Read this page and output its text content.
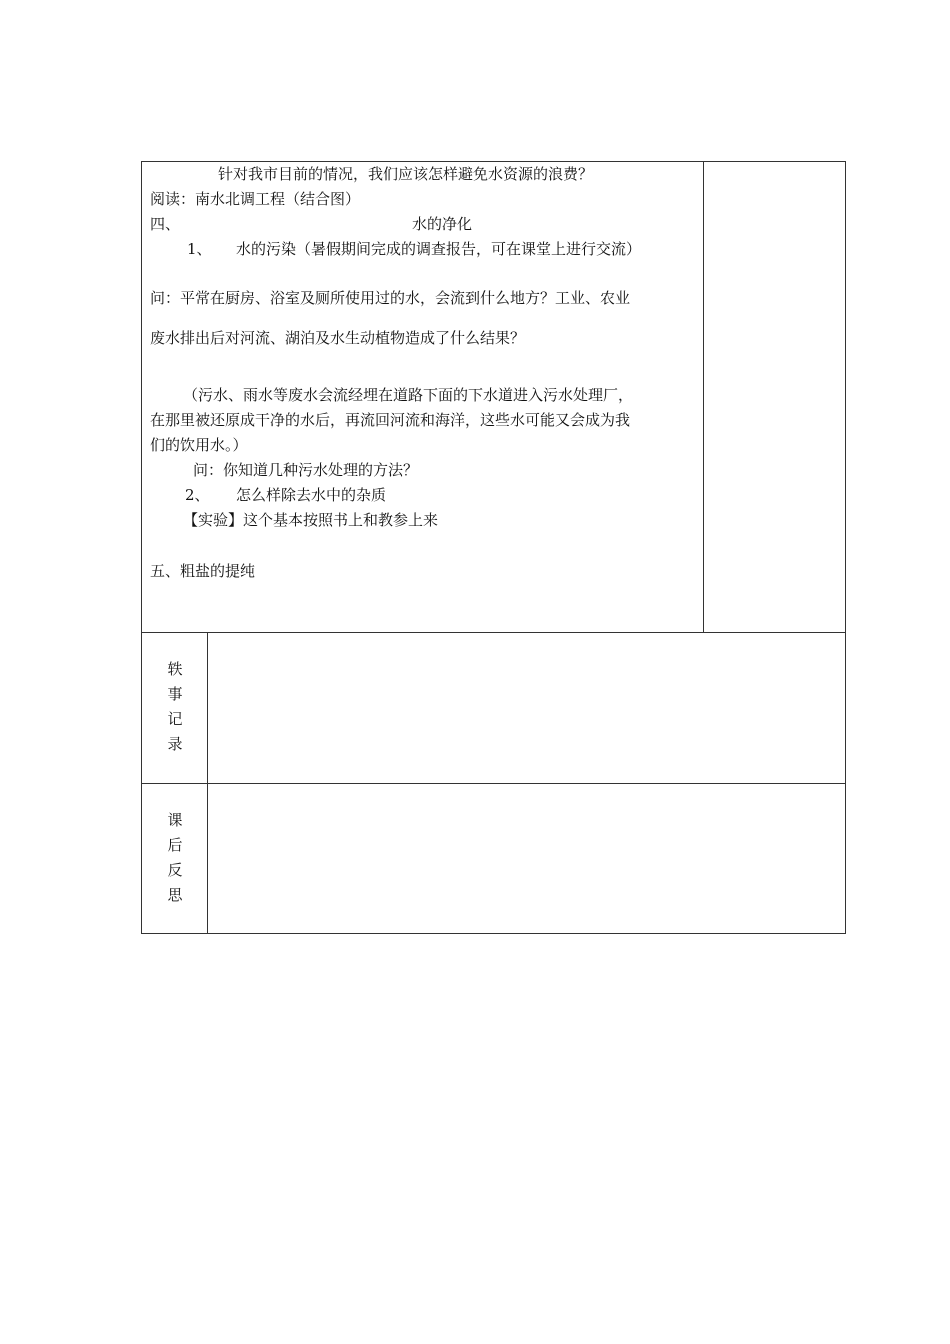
针对我市目前的情况，我们应该怎样避免水资源的浪费？
阅读：南水北调工程（结合图）
四、	水的净化
1、 水的污染（暑假期间完成的调查报告，可在课堂上进行交流）
问：平常在厨房、浴室及厕所使用过的水，会流到什么地方？工业、农业
废水排出后对河流、湖泊及水生动植物造成了什么结果？
（污水、雨水等废水会流经埋在道路下面的下水道进入污水处理厂，
在那里被还原成干净的水后，再流回河流和海洋，这些水可能又会成为我
们的饮用水。）
问：你知道几种污水处理的方法？
2、 怎么样除去水中的杂质
【实验】这个基本按照书上和教参上来
五、粗盐的提纯
轶
事
记
录
课
后
反
思
